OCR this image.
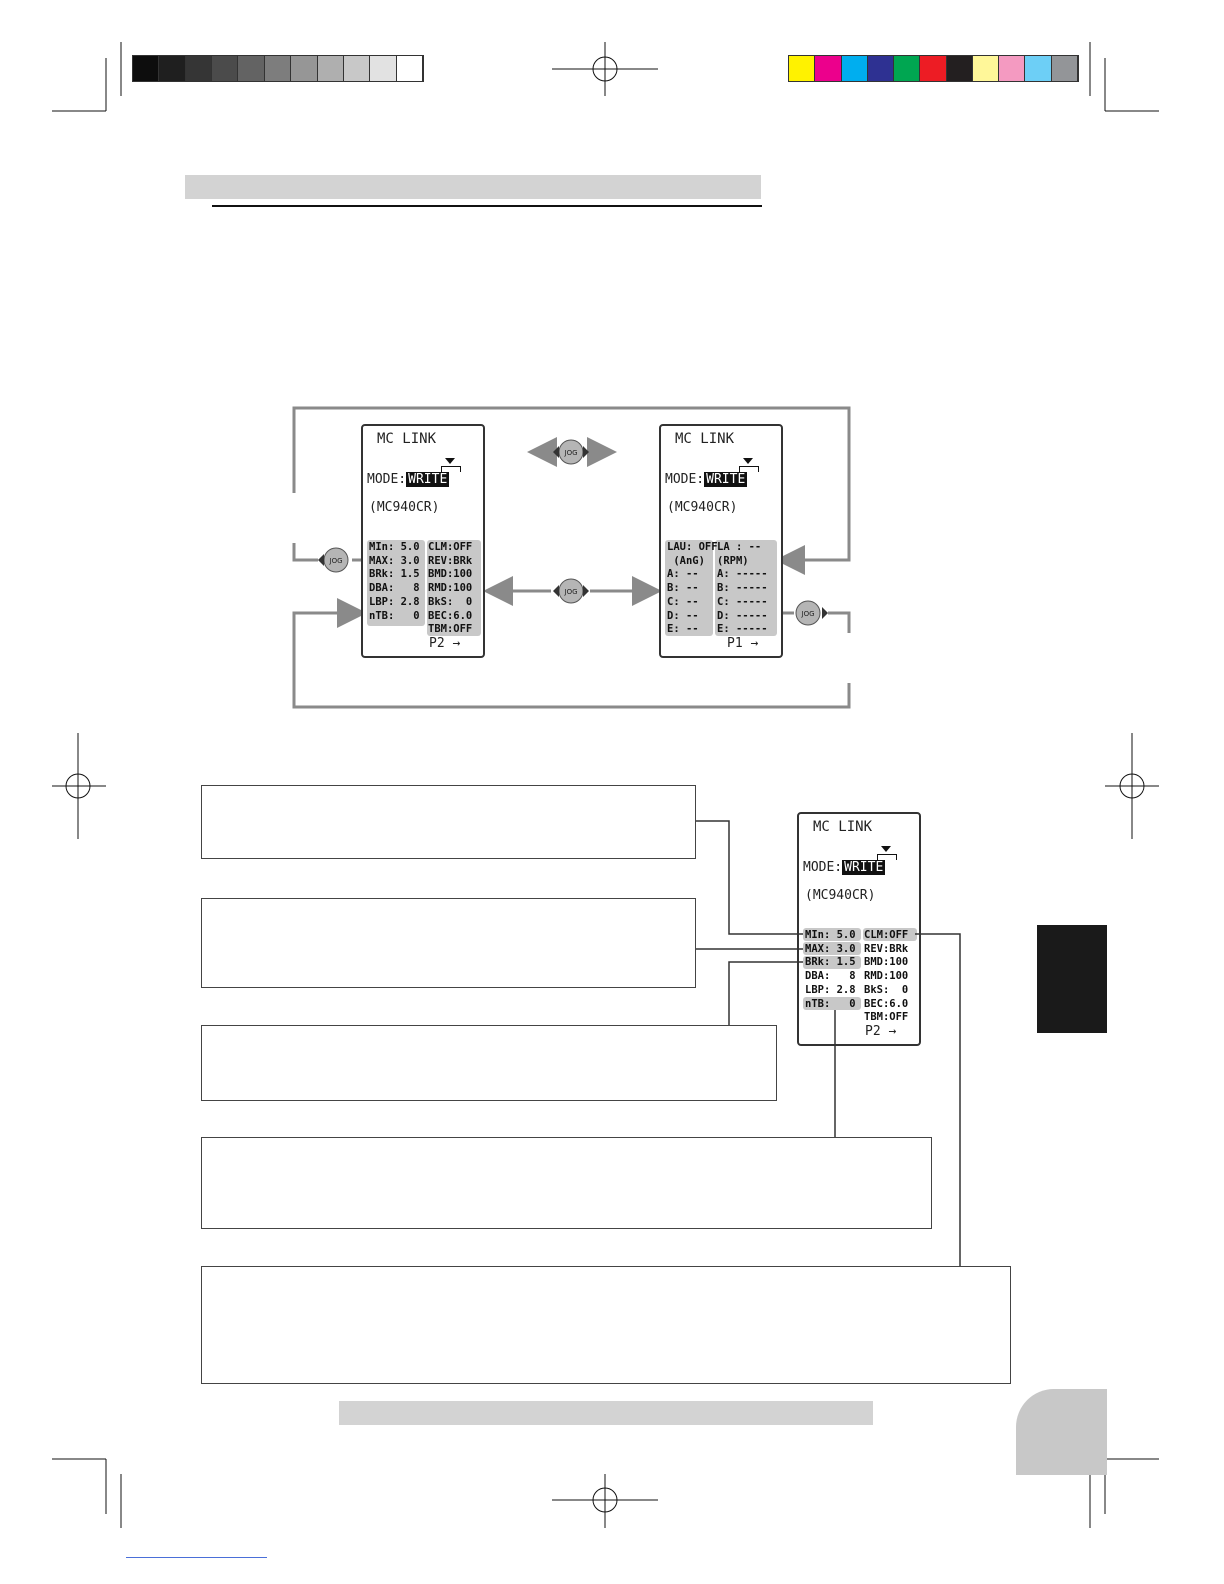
JOG
JOG
JOG
JOG
MC LINK
MODE: WRITE
(MC940CR)
MIn: 5.0
MAX: 3.0
BRk: 1.5
DBA:   8
LBP: 2.8
nTB:   0
CLM:OFF
REV:BRk
BMD:100
RMD:100
BkS:  0
BEC:6.0
TBM:OFF
P2 →
MC LINK
MODE: WRITE
(MC940CR)
LAU: OFF
(AnG)
A: --
B: --
C: --
D: --
E: --
LA : --
(RPM)
A: -----
B: -----
C: -----
D: -----
E: -----
P1 →
MC LINK
MODE: WRITE
(MC940CR)
MIn: 5.0
MAX: 3.0
BRk: 1.5
DBA:   8
LBP: 2.8
nTB:   0
CLM:OFF
REV:BRk
BMD:100
RMD:100
BkS:  0
BEC:6.0
TBM:OFF
P2 →
